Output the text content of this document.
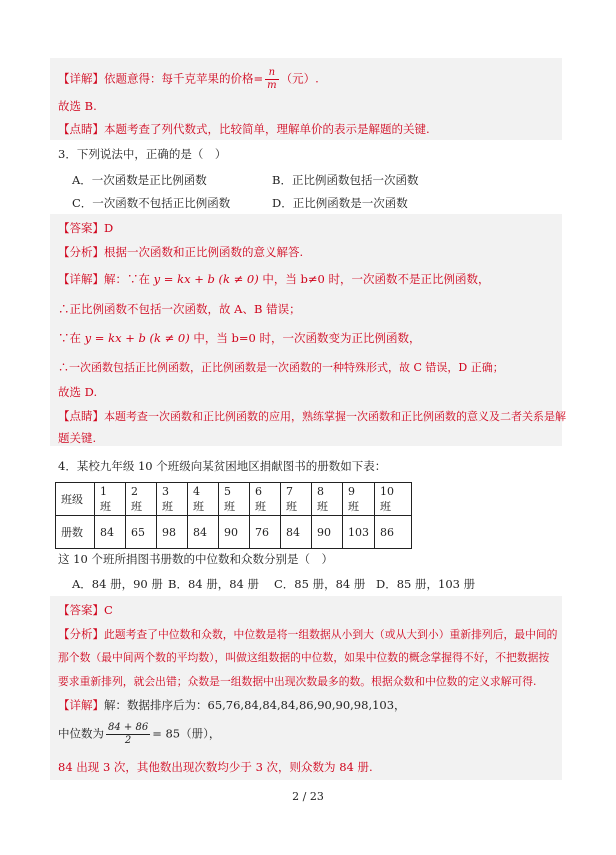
【详解】依题意得：每千克苹果的价格= $\frac{n}{m}$ （元）.
故选 B.
【点睛】本题考查了列代数式，比较简单，理解单价的表示是解题的关键.
3．下列说法中，正确的是（　）
A．一次函数是正比例函数	B．正比例函数包括一次函数
C．一次函数不包括正比例函数	D．正比例函数是一次函数
【答案】D
【分析】根据一次函数和正比例函数的意义解答.
【详解】解：∵在 y = kx + b (k ≠ 0) 中，当 b≠0 时，一次函数不是正比例函数，
∴正比例函数不包括一次函数，故 A、B 错误；
∵在 y = kx + b (k ≠ 0) 中，当 b=0 时，一次函数变为正比例函数，
∴一次函数包括正比例函数，正比例函数是一次函数的一种特殊形式，故 C 错误，D 正确；
故选 D.
【点睛】本题考查一次函数和正比例函数的应用，熟练掌握一次函数和正比例函数的意义及二者关系是解
题关键.
4．某校九年级 10 个班级向某贫困地区捐献图书的册数如下表：
班级	1 班	2 班	3 班	4 班	5 班	6 班	7 班	8 班	9 班	10 班
册数	84	65	98	84	90	76	84	90	103	86
这 10 个班所捐图书册数的中位数和众数分别是（　）
A．84 册，90 册 B．84 册，84 册 C．85 册，84 册 D．85 册，103 册
【答案】C
【分析】此题考查了中位数和众数，中位数是将一组数据从小到大（或从大到小）重新排列后，最中间的
那个数（最中间两个数的平均数），叫做这组数据的中位数，如果中位数的概念掌握得不好，不把数据按
要求重新排列，就会出错；众数是一组数据中出现次数最多的数。根据众数和中位数的定义求解可得.
【详解】解：数据排序后为：65,76,84,84,84,86,90,90,98,103，
中位数为 $\frac{84 + 86}{2} = 85$（册），
84 出现 3 次，其他数出现次数均少于 3 次，则众数为 84 册.
2 / 23
